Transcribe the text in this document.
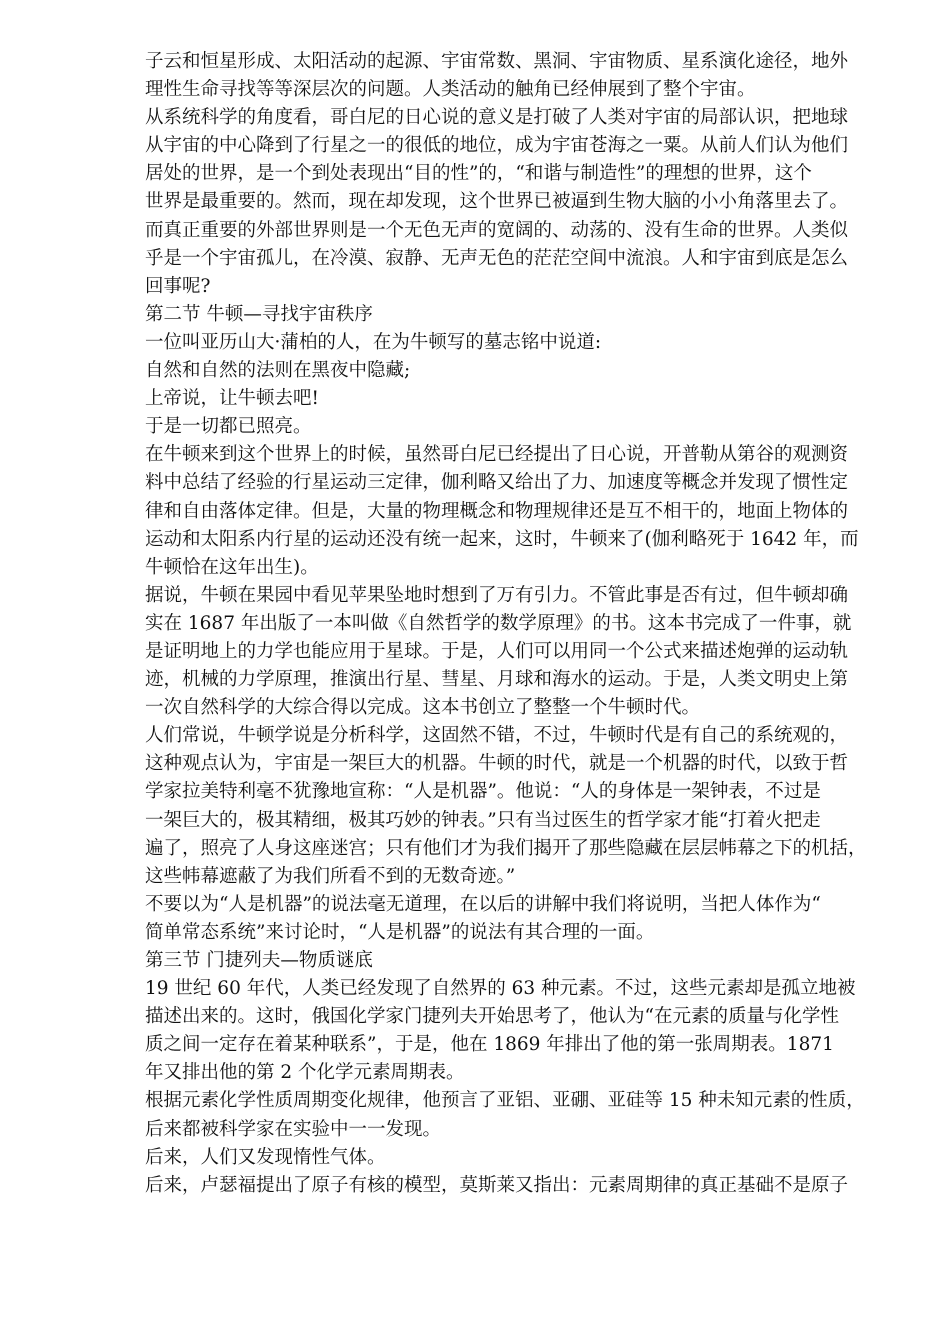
子云和恒星形成、太阳活动的起源、宇宙常数、黑洞、宇宙物质、星系演化途径，地外
理性生命寻找等等深层次的问题。人类活动的触角已经伸展到了整个宇宙。
从系统科学的角度看，哥白尼的日心说的意义是打破了人类对宇宙的局部认识，把地球
从宇宙的中心降到了行星之一的很低的地位，成为宇宙苍海之一粟。从前人们认为他们
居处的世界，是一个到处表现出“目的性”的，“和谐与制造性”的理想的世界，这个
世界是最重要的。然而，现在却发现，这个世界已被逼到生物大脑的小小角落里去了。
而真正重要的外部世界则是一个无色无声的宽阔的、动荡的、没有生命的世界。人类似
乎是一个宇宙孤儿，在冷漠、寂静、无声无色的茫茫空间中流浪。人和宇宙到底是怎么
回事呢?
第二节 牛顿—寻找宇宙秩序
一位叫亚历山大·蒲柏的人，在为牛顿写的墓志铭中说道:
自然和自然的法则在黑夜中隐藏;
上帝说，让牛顿去吧!
于是一切都已照亮。
在牛顿来到这个世界上的时候，虽然哥白尼已经提出了日心说，开普勒从第谷的观测资
料中总结了经验的行星运动三定律，伽利略又给出了力、加速度等概念并发现了惯性定
律和自由落体定律。但是，大量的物理概念和物理规律还是互不相干的，地面上物体的
运动和太阳系内行星的运动还没有统一起来，这时，牛顿来了(伽利略死于 1642 年，而
牛顿恰在这年出生)。
据说，牛顿在果园中看见苹果坠地时想到了万有引力。不管此事是否有过，但牛顿却确
实在 1687 年出版了一本叫做《自然哲学的数学原理》的书。这本书完成了一件事，就
是证明地上的力学也能应用于星球。于是，人们可以用同一个公式来描述炮弹的运动轨
迹，机械的力学原理，推演出行星、彗星、月球和海水的运动。于是，人类文明史上第
一次自然科学的大综合得以完成。这本书创立了整整一个牛顿时代。
人们常说，牛顿学说是分析科学，这固然不错，不过，牛顿时代是有自己的系统观的，
这种观点认为，宇宙是一架巨大的机器。牛顿的时代，就是一个机器的时代，以致于哲
学家拉美特利毫不犹豫地宣称：“人是机器”。他说：“人的身体是一架钟表，不过是
一架巨大的，极其精细，极其巧妙的钟表。”只有当过医生的哲学家才能“打着火把走
遍了，照亮了人身这座迷宫；只有他们才为我们揭开了那些隐藏在层层帏幕之下的机括，
这些帏幕遮蔽了为我们所看不到的无数奇迹。”
不要以为“人是机器”的说法毫无道理，在以后的讲解中我们将说明，当把人体作为“
简单常态系统”来讨论时，“人是机器”的说法有其合理的一面。
第三节 门捷列夫—物质谜底
19 世纪 60 年代，人类已经发现了自然界的 63 种元素。不过，这些元素却是孤立地被
描述出来的。这时，俄国化学家门捷列夫开始思考了，他认为“在元素的质量与化学性
质之间一定存在着某种联系”，于是，他在 1869 年排出了他的第一张周期表。1871
年又排出他的第 2 个化学元素周期表。
根据元素化学性质周期变化规律，他预言了亚铝、亚硼、亚硅等 15 种未知元素的性质，
后来都被科学家在实验中一一发现。
后来，人们又发现惰性气体。
后来，卢瑟福提出了原子有核的模型，莫斯莱又指出：元素周期律的真正基础不是原子
